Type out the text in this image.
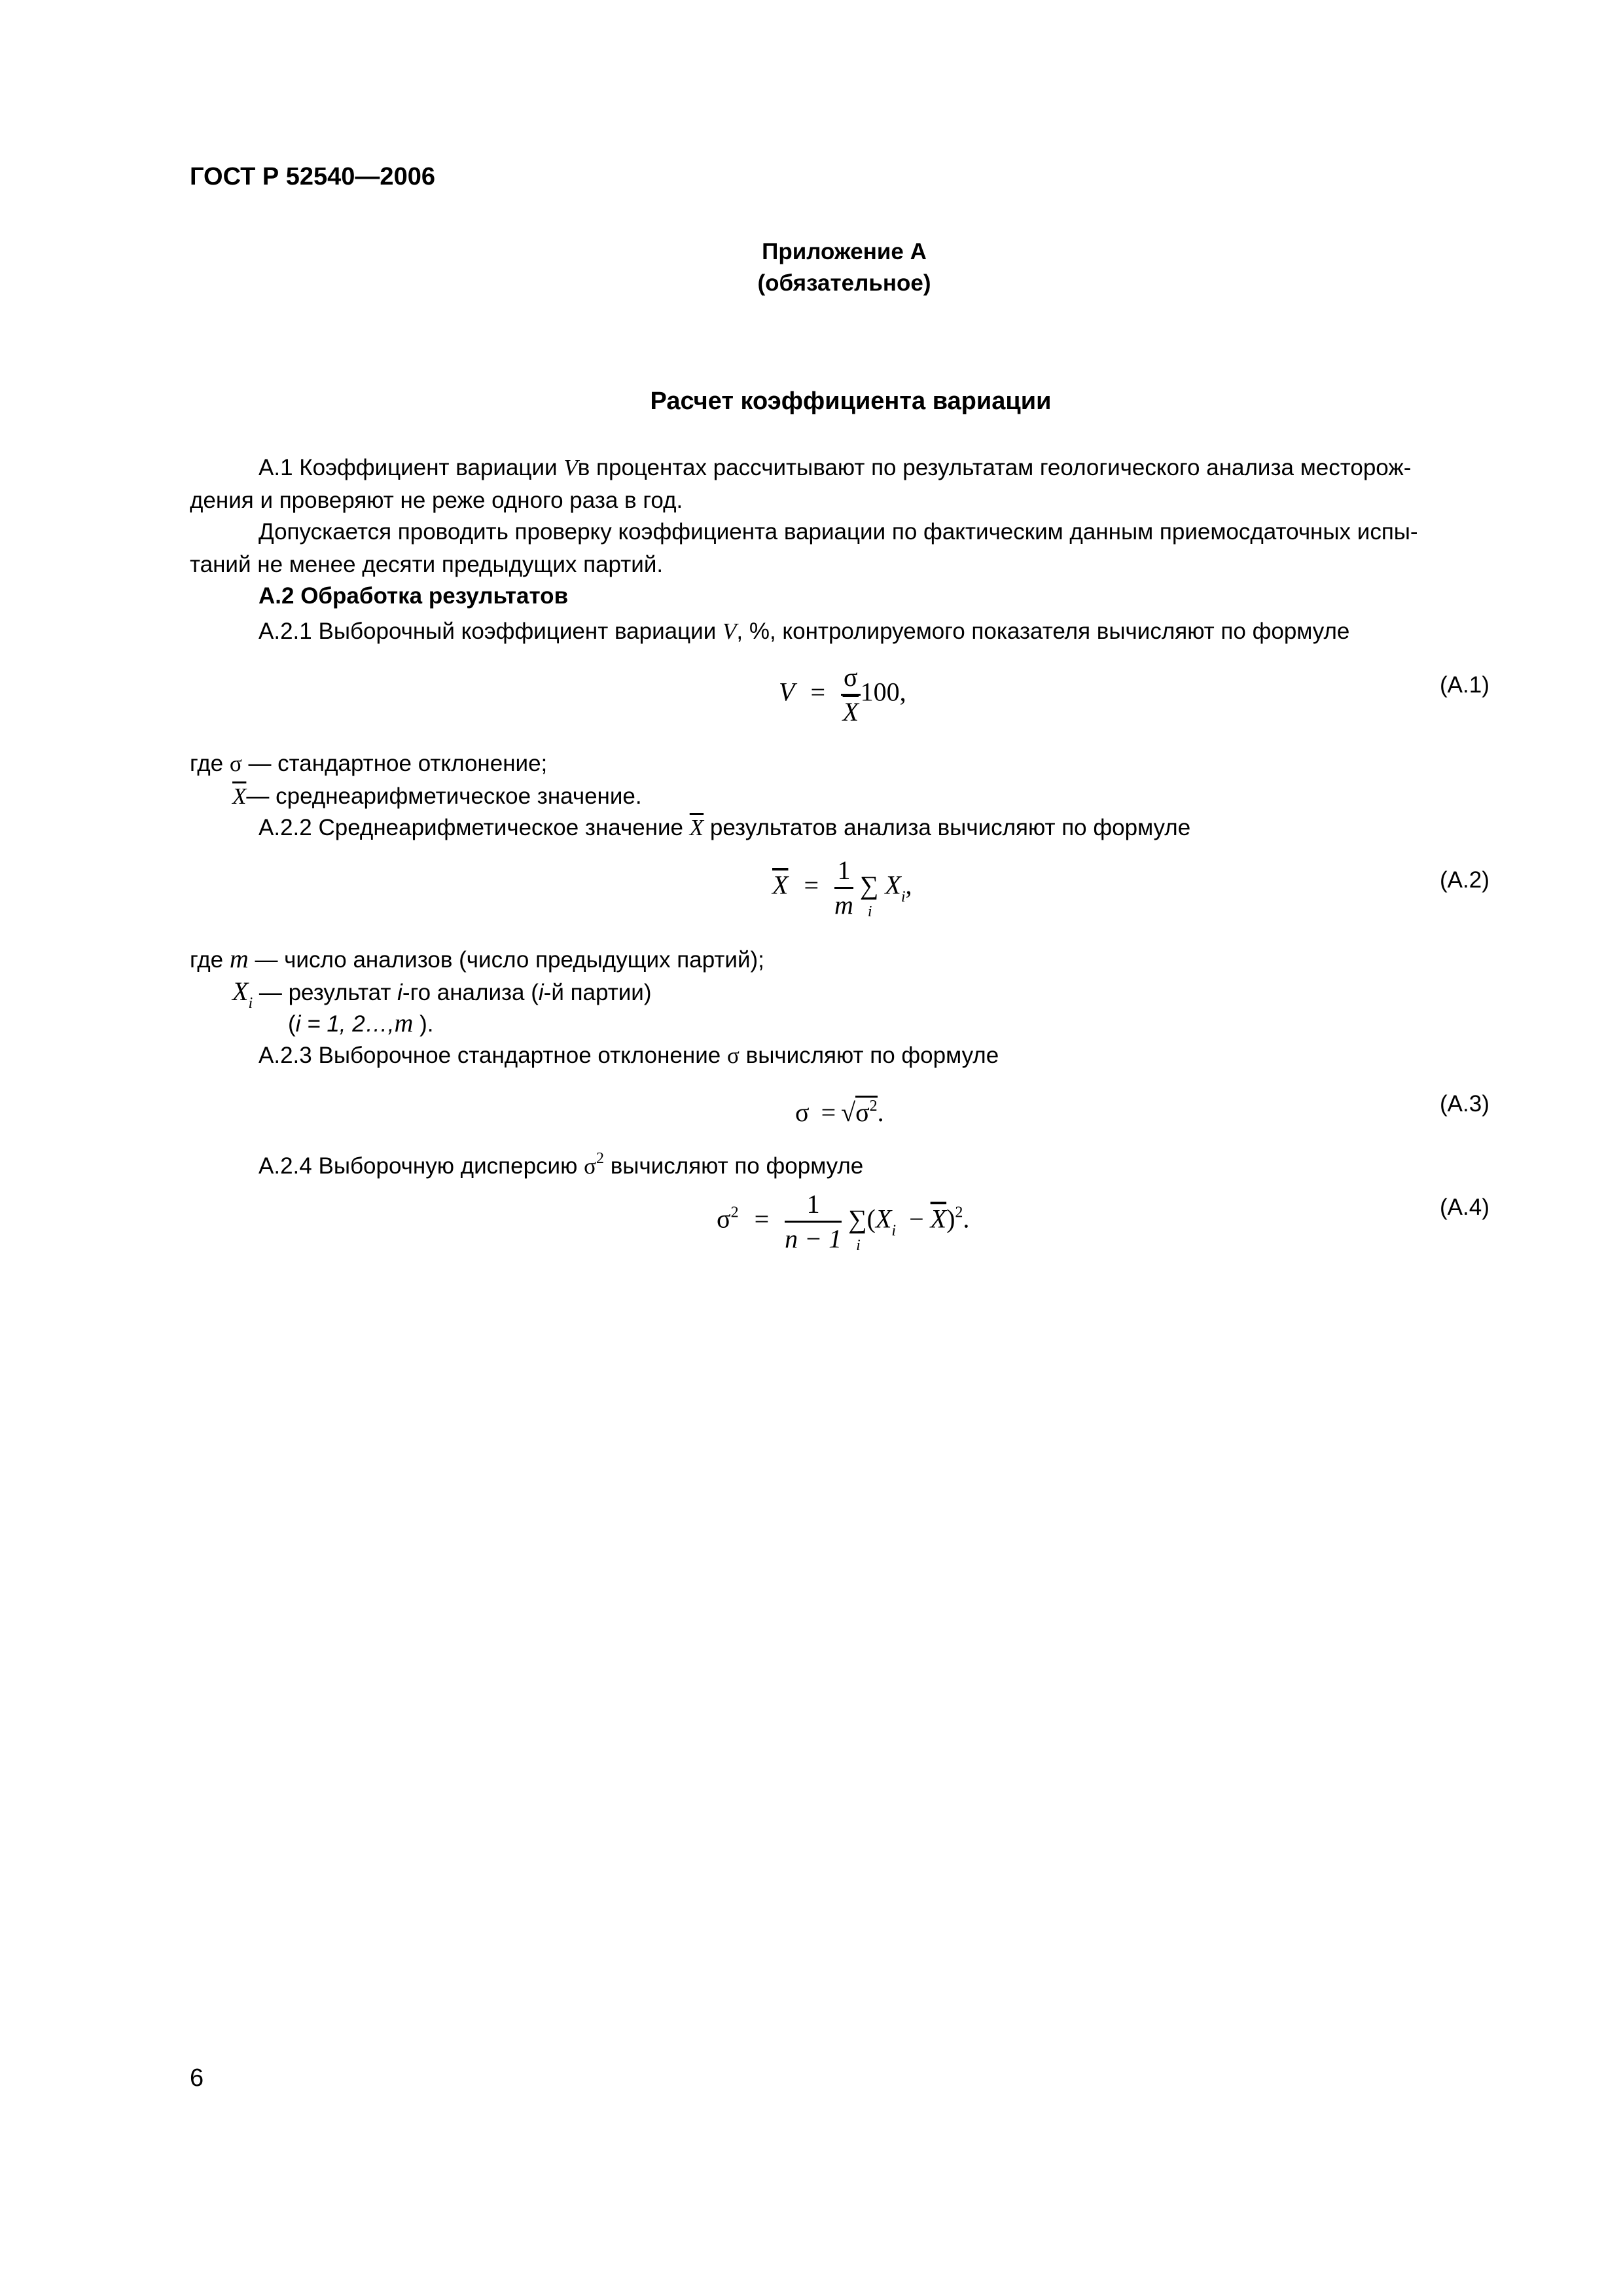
ГОСТ Р 52540—2006
Приложение А
(обязательное)
Расчет коэффициента вариации
А.1 Коэффициент вариации Vв процентах рассчитывают по результатам геологического анализа месторож-
дения и проверяют не реже одного раза в год.
Допускается проводить проверку коэффициента вариации по фактическим данным приемосдаточных испы-
таний не менее десяти предыдущих партий.
А.2 Обработка результатов
А.2.1 Выборочный коэффициент вариации V, %, контролируемого показателя вычисляют по формуле
$V = \frac{\sigma}{X} 100$,	(А.1)
где σ — стандартное отклонение;
$\overline{X}—$ среднеарифметическое значение.
А.2.2 Среднеарифметическое значение $\overline{X}$ результатов анализа вычисляют по формуле
$\overline{X} = \frac{1}{m}$ ∑
i
$X_i$,	(А.2)
где m — число анализов (число предыдущих партий);
$X_i$ — результат i-го анализа (i-й партии)
(i = 1, 2…,m ).
А.2.3 Выборочное стандартное отклонение σ вычисляют по формуле
$\sigma = √\sigma^2$.	(А.3)
А.2.4 Выборочную дисперсию $\sigma^2$ вычисляют по формуле
$\sigma^2 = \frac{1}{n - 1}$ ∑
i
$(X_i - \overline{X})^2$.	(А.4)
6
